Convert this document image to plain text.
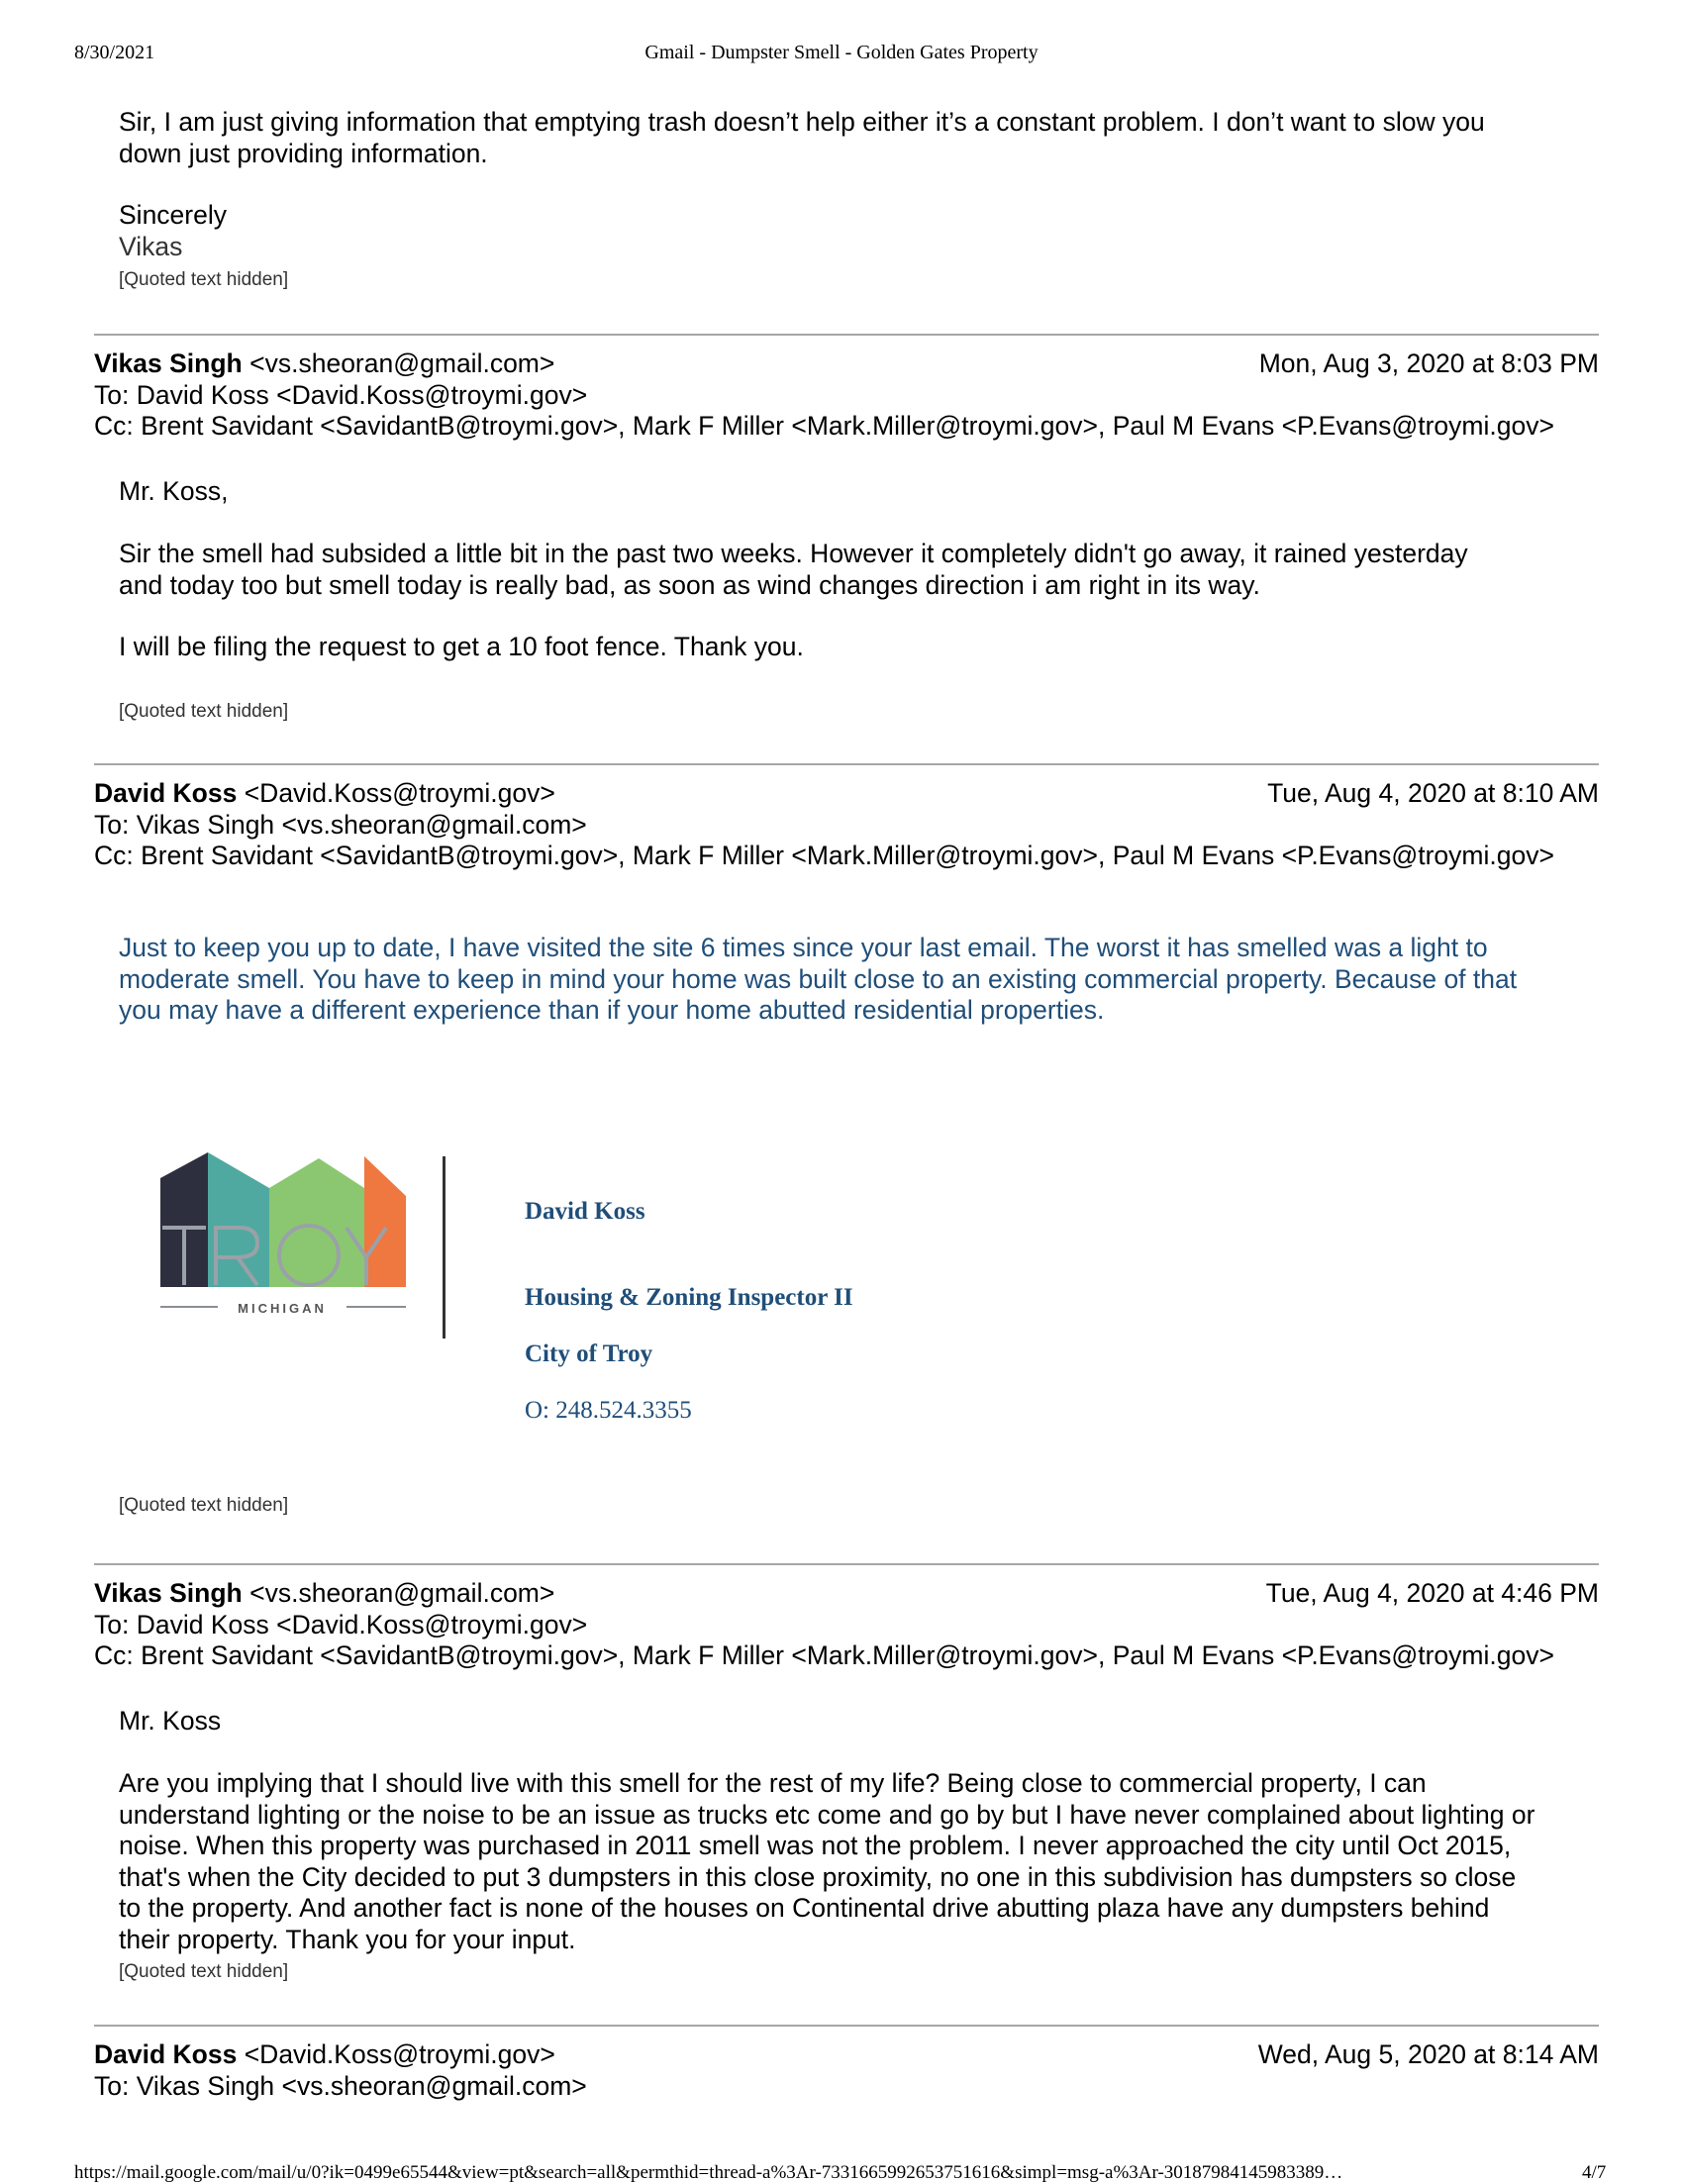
8/30/2021	Gmail - Dumpster Smell - Golden Gates Property

Sir, I am just giving information that emptying trash doesn’t help either it’s a constant problem. I don’t want to slow you

down just providing information.

Sincerely

Vikas

[Quoted text hidden]
Vikas Singh <vs.sheoran@gmail.com>	Mon, Aug 3, 2020 at 8:03 PM
To: David Koss <David.Koss@troymi.gov>
Cc: Brent Savidant <SavidantB@troymi.gov>, Mark F Miller <Mark.Miller@troymi.gov>, Paul M Evans <P.Evans@troymi.gov>

Mr. Koss,

Sir the smell had subsided a little bit in the past two weeks. However it completely didn't go away, it rained yesterday

and today too but smell today is really bad, as soon as wind changes direction i am right in its way.

I will be filing the request to get a 10 foot fence. Thank you.

[Quoted text hidden]
David Koss <David.Koss@troymi.gov>	Tue, Aug 4, 2020 at 8:10 AM
To: Vikas Singh <vs.sheoran@gmail.com>
Cc: Brent Savidant <SavidantB@troymi.gov>, Mark F Miller <Mark.Miller@troymi.gov>, Paul M Evans <P.Evans@troymi.gov>

Just to keep you up to date, I have visited the site 6 times since your last email. The worst it has smelled was a light to

moderate smell. You have to keep in mind your home was built close to an existing commercial property. Because of that

you may have a different experience than if your home abutted residential properties.

MICHIGAN
David Koss
Housing & Zoning Inspector II
City of Troy
O: 248.524.3355
[Quoted text hidden]
Vikas Singh <vs.sheoran@gmail.com>	Tue, Aug 4, 2020 at 4:46 PM
To: David Koss <David.Koss@troymi.gov>
Cc: Brent Savidant <SavidantB@troymi.gov>, Mark F Miller <Mark.Miller@troymi.gov>, Paul M Evans <P.Evans@troymi.gov>

Mr. Koss

Are you implying that I should live with this smell for the rest of my life? Being close to commercial property, I can

understand lighting or the noise to be an issue as trucks etc come and go by but I have never complained about lighting or

noise. When this property was purchased in 2011 smell was not the problem. I never approached the city until Oct 2015,

that's when the City decided to put 3 dumpsters in this close proximity, no one in this subdivision has dumpsters so close

to the property. And another fact is none of the houses on Continental drive abutting plaza have any dumpsters behind

their property. Thank you for your input.

[Quoted text hidden]
David Koss <David.Koss@troymi.gov>	Wed, Aug 5, 2020 at 8:14 AM
To: Vikas Singh <vs.sheoran@gmail.com>
https://mail.google.com/mail/u/0?ik=0499e65544&view=pt&search=all&permthid=thread-a%3Ar-7331665992653751616&simpl=msg-a%3Ar-30187984145983389…	4/7
